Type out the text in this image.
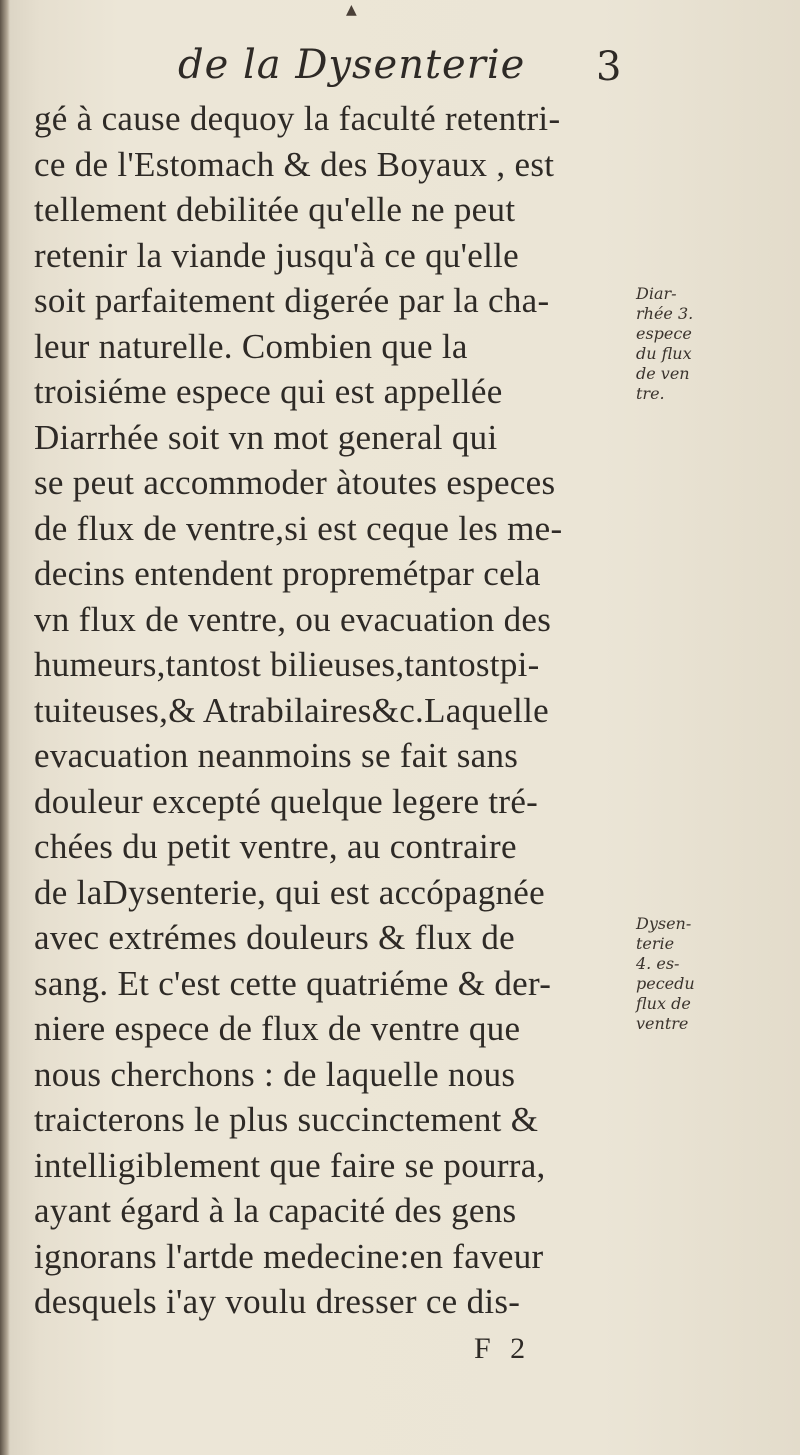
▲
de la Dysenterie 3
gé à cause dequoy la faculté retentri-
ce de l'Estomach & des Boyaux , est
tellement debilitée qu'elle ne peut
retenir la viande jusqu'à ce qu'elle
soit parfaitement digerée par la cha-
leur naturelle. Combien que la
troisiéme espece qui est appellée
Diarrhée soit vn mot general qui
se peut accommoder àtoutes especes
de flux de ventre,si est ceque les me-
decins entendent propremétpar cela
vn flux de ventre, ou evacuation des
humeurs,tantost bilieuses,tantostpi-
tuiteuses,& Atrabilaires&c.Laquelle
evacuation neanmoins se fait sans
douleur excepté quelque legere tré-
chées du petit ventre, au contraire
de laDysenterie, qui est accópagnée
avec extrémes douleurs & flux de
sang. Et c'est cette quatriéme & der-
niere espece de flux de ventre que
nous cherchons : de laquelle nous
traicterons le plus succinctement &
intelligiblement que faire se pourra,
ayant égard à la capacité des gens
ignorans l'artde medecine:en faveur
desquels i'ay voulu dresser ce dis-
Diar-
rhée 3.
espece
du flux
de ven
tre.
Dysen-
terie
4. es-
pecedu
flux de
ventre
F 2
